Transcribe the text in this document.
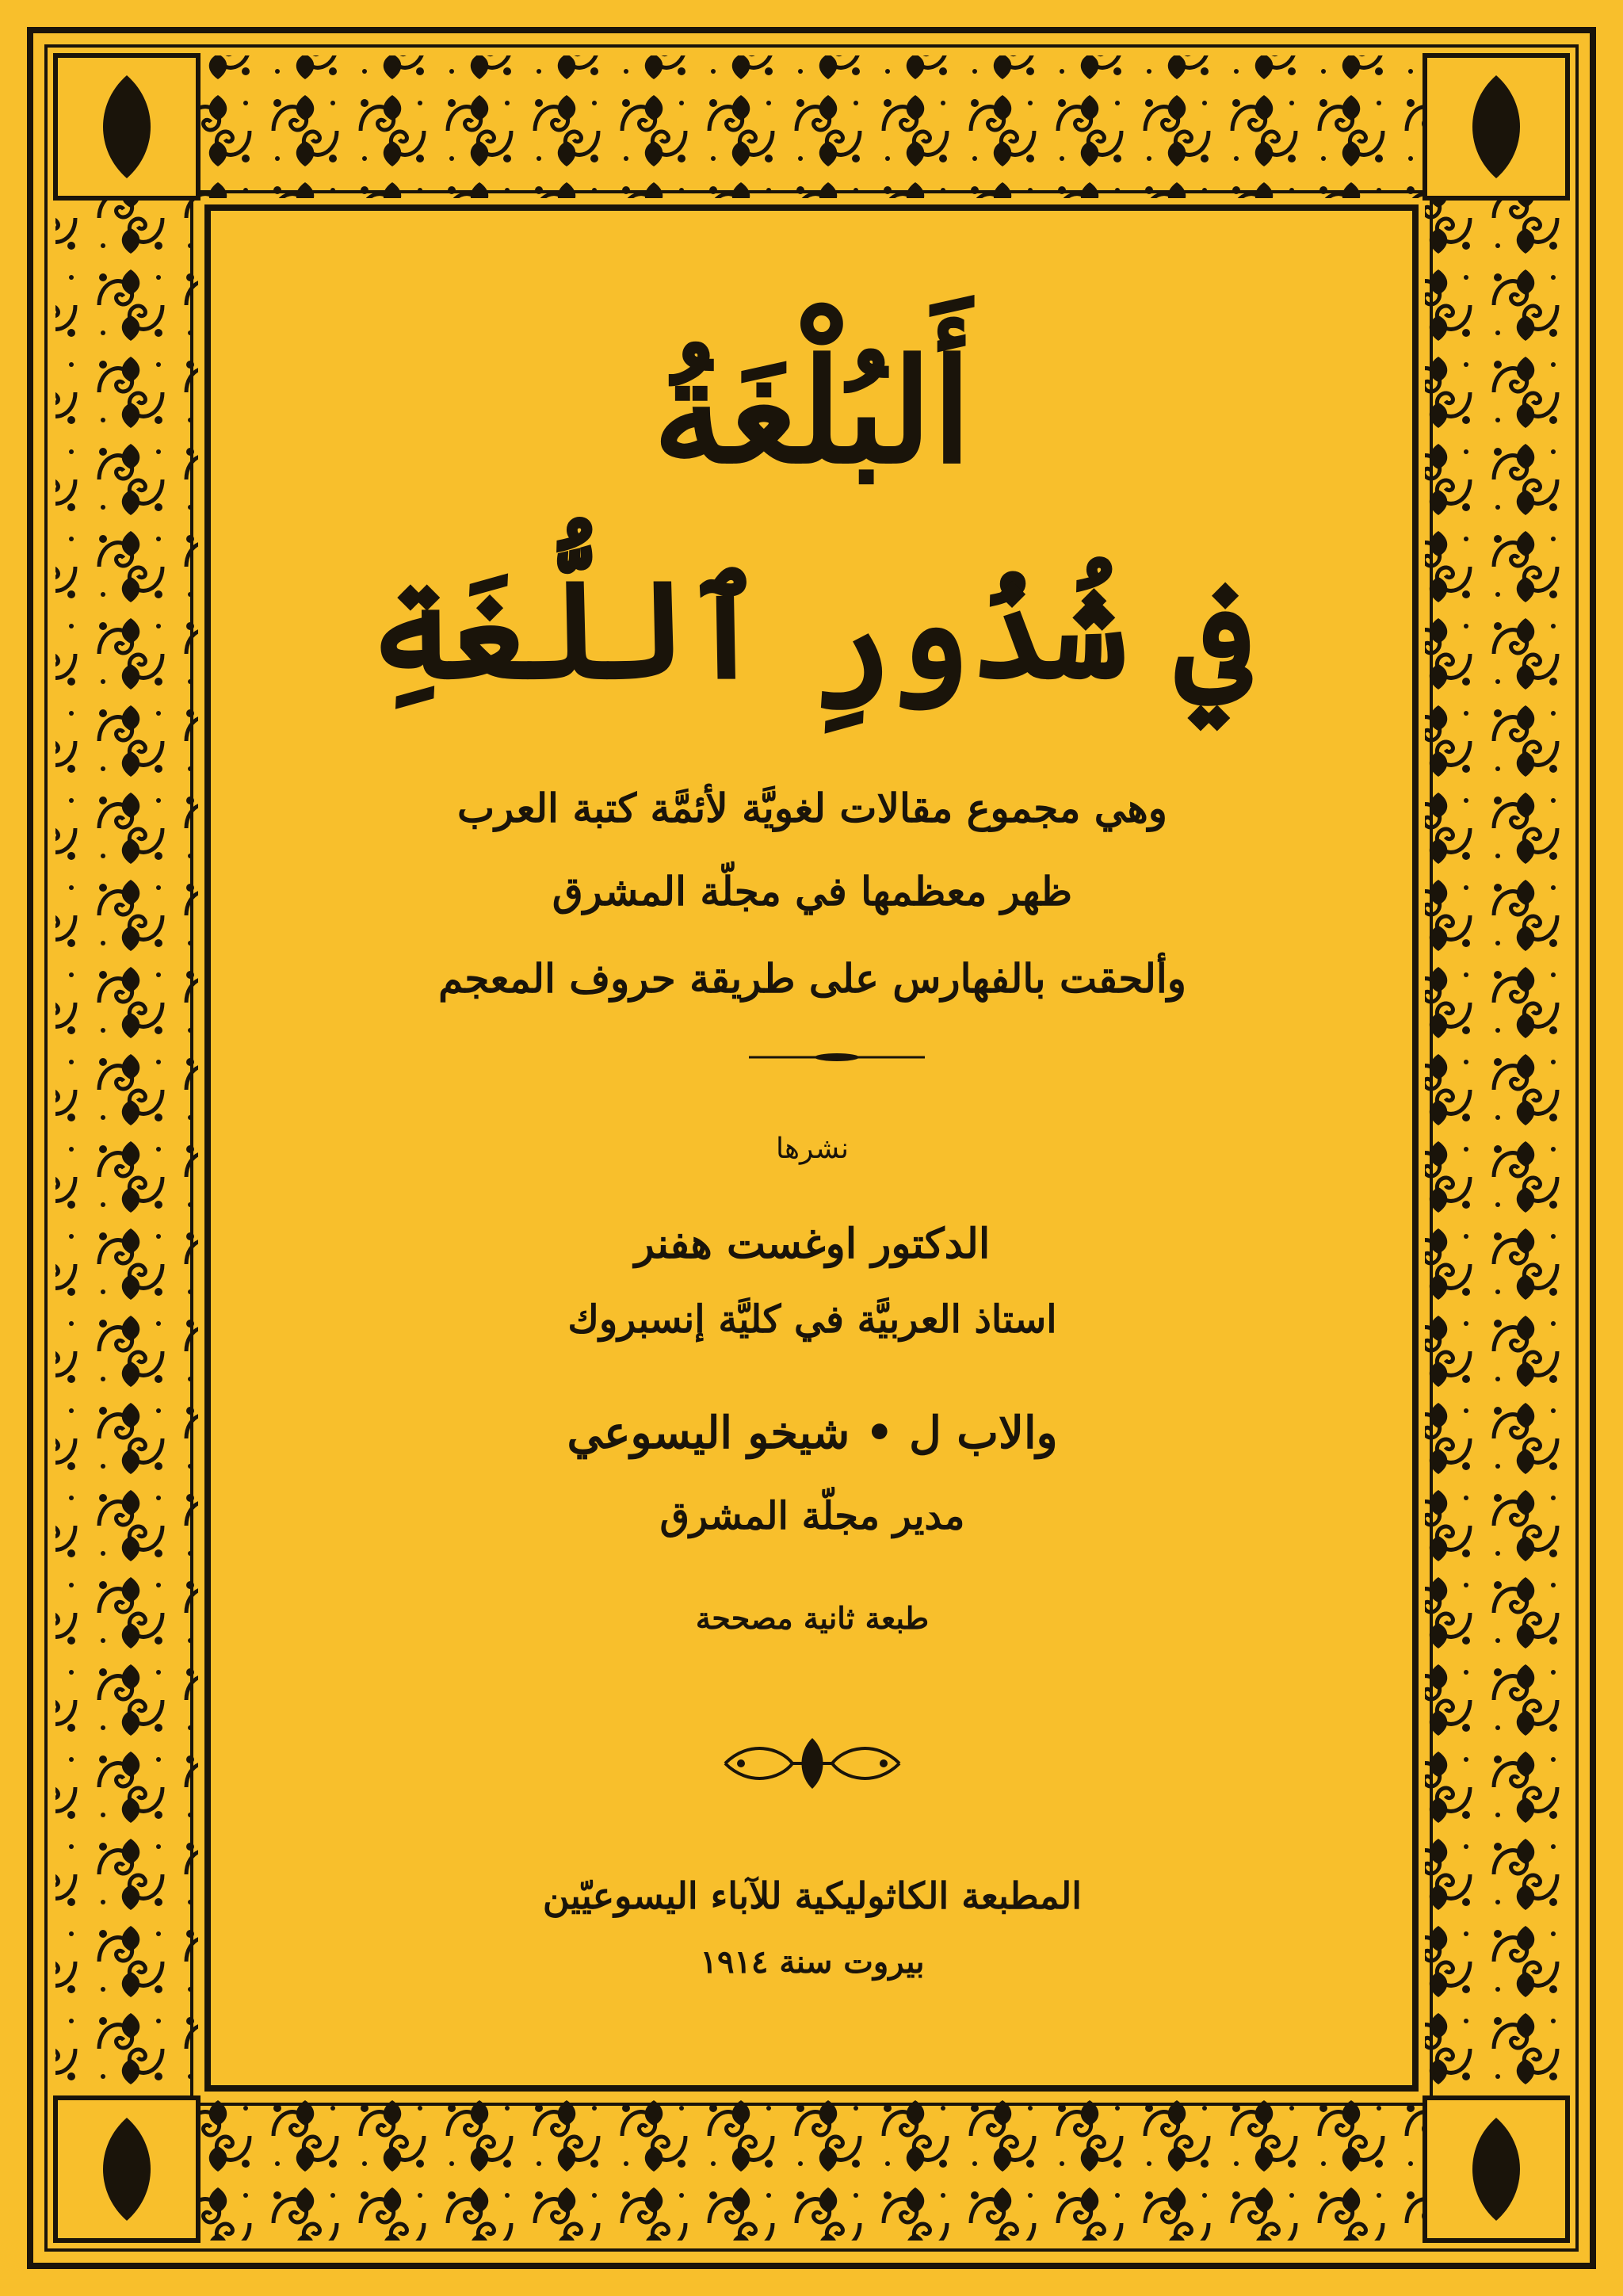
أَلبُلْغَةُ
في شُذُورِ ٱللُّغَةِ
وهي مجموع مقالات لغويَّة لأئمَّة كتبة العرب
ظهر معظمها في مجلّة المشرق
وألحقت بالفهارس على طريقة حروف المعجم
نشرها
الدكتور اوغست هفنر
استاذ العربيَّة في كليَّة إنسبروك
والاب ل • شيخو اليسوعي
مدير مجلّة المشرق
طبعة ثانية مصححة
المطبعة الكاثوليكية للآباء اليسوعيّين
بيروت سنة ١٩١٤
